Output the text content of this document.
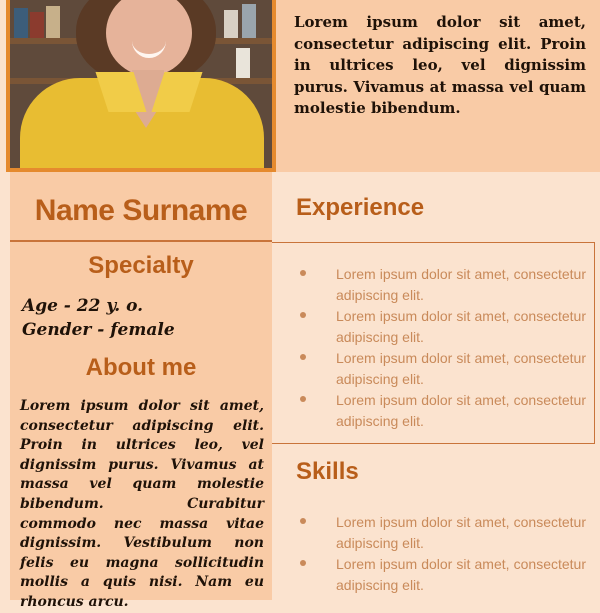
Lorem ipsum dolor sit amet, consectetur adipiscing elit. Proin in ultrices leo, vel dignissim purus. Vivamus at massa vel quam molestie bibendum.

Name Surname
Specialty

Age - 22 y. o.

Gender - female

About me

Lorem ipsum dolor sit amet, consectetur adipiscing elit. Proin in ultrices leo, vel dignissim purus. Vivamus at massa vel quam molestie bibendum. Curabitur commodo nec massa vitae dignissim. Vestibulum non felis eu magna sollicitudin mollis a quis nisi. Nam eu rhoncus arcu.

Experience
Lorem ipsum dolor sit amet, consectetur adipiscing elit.
Lorem ipsum dolor sit amet, consectetur adipiscing elit.
Lorem ipsum dolor sit amet, consectetur adipiscing elit.
Lorem ipsum dolor sit amet, consectetur adipiscing elit.
Skills
Lorem ipsum dolor sit amet, consectetur adipiscing elit.
Lorem ipsum dolor sit amet, consectetur adipiscing elit.
